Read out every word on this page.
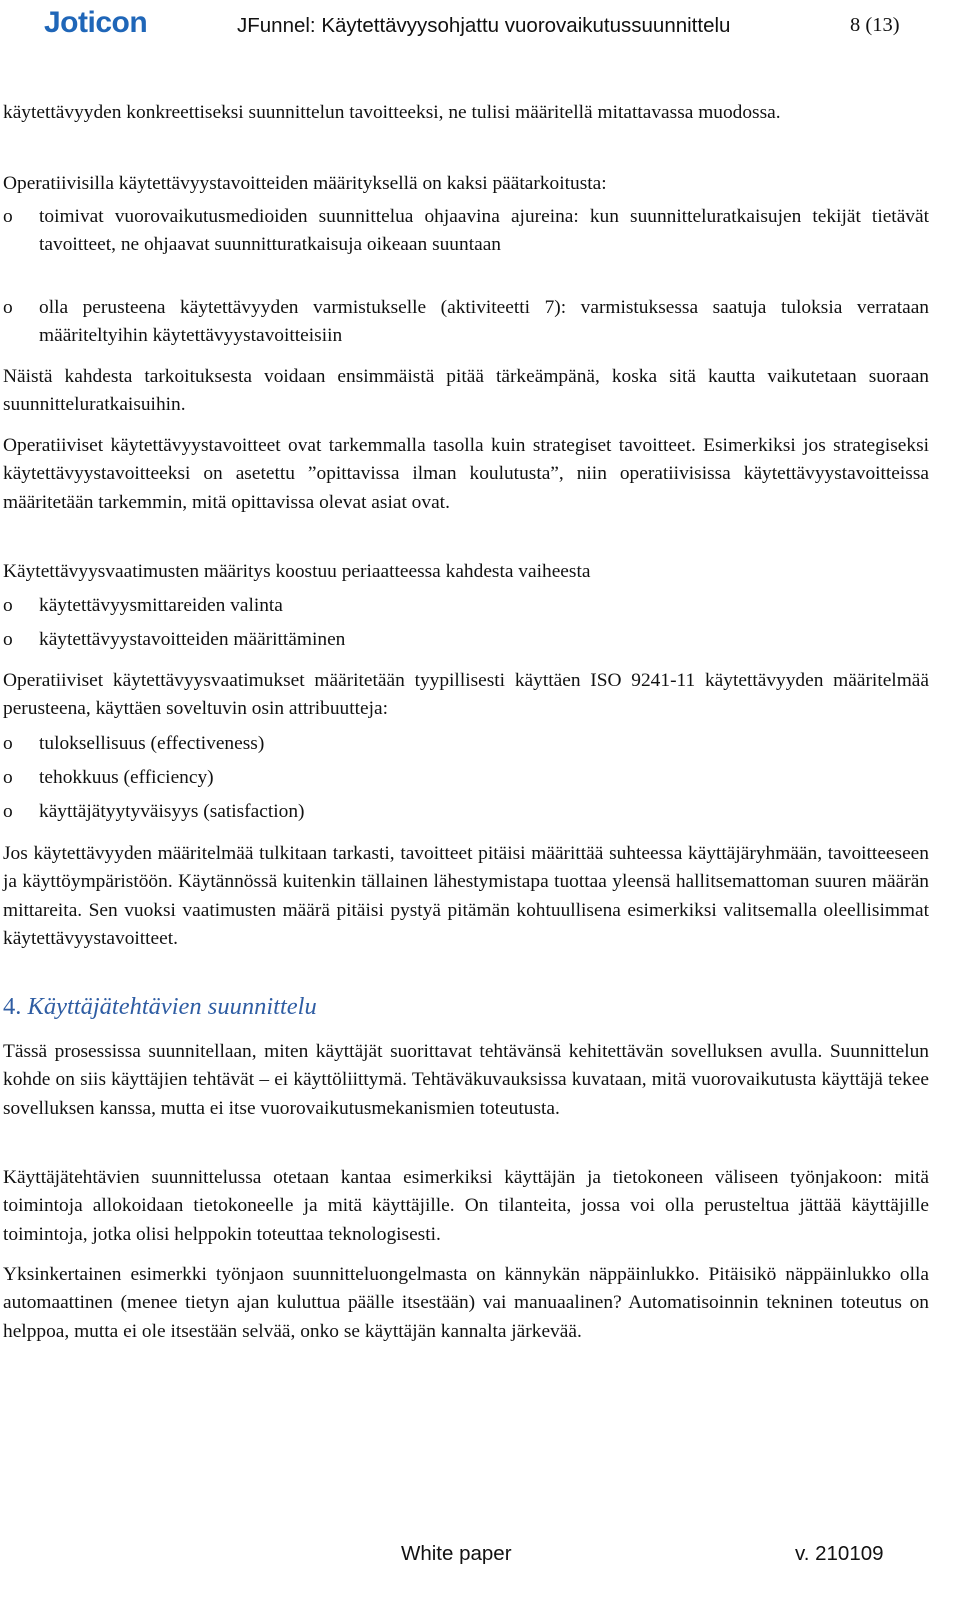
Joticon	JFunnel: Käytettävyysohjattu vuorovaikutussuunnittelu	8 (13)

käytettävyyden konkreettiseksi suunnittelun tavoitteeksi, ne tulisi määritellä mitattavassa muodossa.

Operatiivisilla käytettävyystavoitteiden määrityksellä on kaksi päätarkoitusta:

o toimivat vuorovaikutusmedioiden suunnittelua ohjaavina ajureina: kun suunnitteluratkaisujen tekijät tietävät tavoitteet, ne ohjaavat suunnitturatkaisuja oikeaan suuntaan
o olla perusteena käytettävyyden varmistukselle (aktiviteetti 7): varmistuksessa saatuja tuloksia verrataan määriteltyihin käytettävyystavoitteisiin

Näistä kahdesta tarkoituksesta voidaan ensimmäistä pitää tärkeämpänä, koska sitä kautta vaikutetaan suoraan suunnitteluratkaisuihin.

Operatiiviset käytettävyystavoitteet ovat tarkemmalla tasolla kuin strategiset tavoitteet. Esimerkiksi jos strategiseksi käytettävyystavoitteeksi on asetettu ”opittavissa ilman koulutusta”, niin operatiivisissa käytettävyystavoitteissa määritetään tarkemmin, mitä opittavissa olevat asiat ovat.

Käytettävyysvaatimusten määritys koostuu periaatteessa kahdesta vaiheesta

o käytettävyysmittareiden valinta
o käytettävyystavoitteiden määrittäminen

Operatiiviset käytettävyysvaatimukset määritetään tyypillisesti käyttäen ISO 9241-11 käytettävyyden määritelmää perusteena, käyttäen soveltuvin osin attribuutteja:

o tuloksellisuus (effectiveness)
o tehokkuus (efficiency)
o käyttäjätyytyväisyys (satisfaction)

Jos käytettävyyden määritelmää tulkitaan tarkasti, tavoitteet pitäisi määrittää suhteessa käyttäjäryhmään, tavoitteeseen ja käyttöympäristöön. Käytännössä kuitenkin tällainen lähestymistapa tuottaa yleensä hallitsemattoman suuren määrän mittareita. Sen vuoksi vaatimusten määrä pitäisi pystyä pitämän kohtuullisena esimerkiksi valitsemalla oleellisimmat käytettävyystavoitteet.

4. Käyttäjätehtävien suunnittelu

Tässä prosessissa suunnitellaan, miten käyttäjät suorittavat tehtävänsä kehitettävän sovelluksen avulla. Suunnittelun kohde on siis käyttäjien tehtävät – ei käyttöliittymä. Tehtäväkuvauksissa kuvataan, mitä vuorovaikutusta käyttäjä tekee sovelluksen kanssa, mutta ei itse vuorovaikutusmekanismien toteutusta.

Käyttäjätehtävien suunnittelussa otetaan kantaa esimerkiksi käyttäjän ja tietokoneen väliseen työnjakoon: mitä toimintoja allokoidaan tietokoneelle ja mitä käyttäjille. On tilanteita, jossa voi olla perusteltua jättää käyttäjille toimintoja, jotka olisi helppokin toteuttaa teknologisesti.

Yksinkertainen esimerkki työnjaon suunnitteluongelmasta on kännykän näppäinlukko. Pitäisikö näppäinlukko olla automaattinen (menee tietyn ajan kuluttua päälle itsestään) vai manuaalinen? Automatisoinnin tekninen toteutus on helppoa, mutta ei ole itsestään selvää, onko se käyttäjän kannalta järkevää.

White paper	v. 210109
